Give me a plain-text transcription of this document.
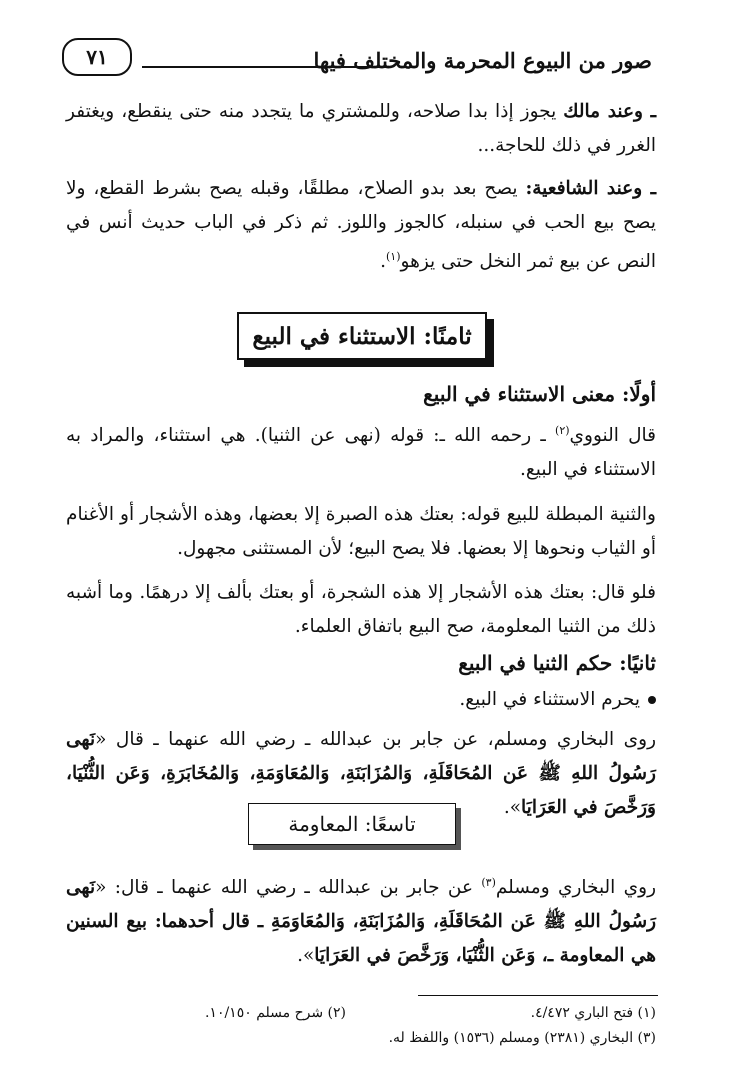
صور من البيوع المحرمة والمختلف فيها
٧١
ـ وعند مالك يجوز إذا بدا صلاحه، وللمشتري ما يتجدد منه حتى ينقطع، ويغتفر الغرر في ذلك للحاجة...
ـ وعند الشافعية: يصح بعد بدو الصلاح، مطلقًا، وقبله يصح بشرط القطع، ولا يصح بيع الحب في سنبله، كالجوز واللوز. ثم ذكر في الباب حديث أنس في النص عن بيع ثمر النخل حتى يزهو$^{(١)}$.
ثامنًا: الاستثناء في البيع
أولًا: معنى الاستثناء في البيع
قال النووي$^{(٢)}$ ـ رحمه الله ـ: قوله (نهى عن الثنيا). هي استثناء، والمراد به الاستثناء في البيع.
والثنية المبطلة للبيع قوله: بعتك هذه الصبرة إلا بعضها، وهذه الأشجار أو الأغنام أو الثياب ونحوها إلا بعضها. فلا يصح البيع؛ لأن المستثنى مجهول.
فلو قال: بعتك هذه الأشجار إلا هذه الشجرة، أو بعتك بألف إلا درهمًا. وما أشبه ذلك من الثنيا المعلومة، صح البيع باتفاق العلماء.
ثانيًا: حكم الثنيا في البيع
يحرم الاستثناء في البيع.
روى البخاري ومسلم، عن جابر بن عبدالله ـ رضي الله عنهما ـ قال «نَهى رَسُولُ اللهِ ﷺ عَن المُحَاقَلَةِ، وَالمُزَابَنَةِ، وَالمُعَاوَمَةِ، وَالمُخَابَرَةِ، وَعَن الثُّنْيَا، وَرَخَّصَ في العَرَايَا».
تاسعًا: المعاومة
روي البخاري ومسلم$^{(٣)}$ عن جابر بن عبدالله ـ رضي الله عنهما ـ قال: «نَهى رَسُولُ اللهِ ﷺ عَن المُحَاقَلَةِ، وَالمُزَابَنَةِ، وَالمُعَاوَمَةِ ـ قال أحدهما: بيع السنين هي المعاومة ـ، وَعَن الثُّنْيَا، وَرَخَّصَ في العَرَايَا».
(١) فتح الباري ٤/٤٧٢.
(٢) شرح مسلم ١٠/١٥٠.
(٣) البخاري (٢٣٨١) ومسلم (١٥٣٦) واللفظ له.
